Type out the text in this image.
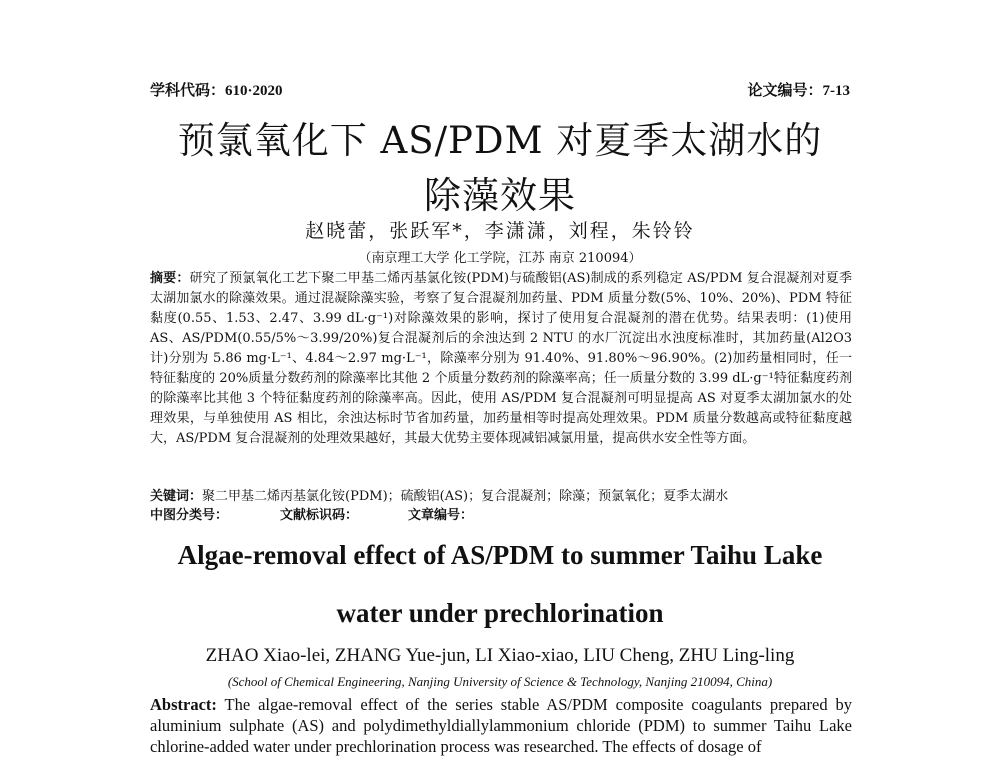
学科代码：610·2020	论文编号：7-13
预氯氧化下 AS/PDM 对夏季太湖水的
除藻效果
赵晓蕾，张跃军*，李潇潇，刘程，朱铃铃
（南京理工大学 化工学院，江苏 南京 210094）
摘要：研究了预氯氧化工艺下聚二甲基二烯丙基氯化铵(PDM)与硫酸铝(AS)制成的系列稳定 AS/PDM 复合混凝剂对夏季太湖加氯水的除藻效果。通过混凝除藻实验，考察了复合混凝剂加药量、PDM 质量分数(5%、10%、20%)、PDM 特征黏度(0.55、1.53、2.47、3.99 dL·g⁻¹)对除藻效果的影响，探讨了使用复合混凝剂的潜在优势。结果表明：(1)使用 AS、AS/PDM(0.55/5%～3.99/20%)复合混凝剂后的余浊达到 2 NTU 的水厂沉淀出水浊度标准时，其加药量(Al2O3 计)分别为 5.86 mg·L⁻¹、4.84～2.97 mg·L⁻¹，除藻率分别为 91.40%、91.80%～96.90%。(2)加药量相同时，任一特征黏度的 20%质量分数药剂的除藻率比其他 2 个质量分数药剂的除藻率高；任一质量分数的 3.99 dL·g⁻¹特征黏度药剂的除藻率比其他 3 个特征黏度药剂的除藻率高。因此，使用 AS/PDM 复合混凝剂可明显提高 AS 对夏季太湖加氯水的处理效果，与单独使用 AS 相比，余浊达标时节省加药量，加药量相等时提高处理效果。PDM 质量分数越高或特征黏度越大，AS/PDM 复合混凝剂的处理效果越好，其最大优势主要体现减铝减氯用量，提高供水安全性等方面。
关键词：聚二甲基二烯丙基氯化铵(PDM)；硫酸铝(AS)；复合混凝剂；除藻；预氯氧化；夏季太湖水
中图分类号：	文献标识码：	文章编号：
Algae-removal effect of AS/PDM to summer Taihu Lake
water under prechlorination
ZHAO Xiao-lei, ZHANG Yue-jun, LI Xiao-xiao, LIU Cheng, ZHU Ling-ling
(School of Chemical Engineering, Nanjing University of Science & Technology, Nanjing 210094, China)
Abstract: The algae-removal effect of the series stable AS/PDM composite coagulants prepared by aluminium sulphate (AS) and polydimethyldiallylammonium chloride (PDM) to summer Taihu Lake chlorine-added water under prechlorination process was researched. The effects of dosage of
